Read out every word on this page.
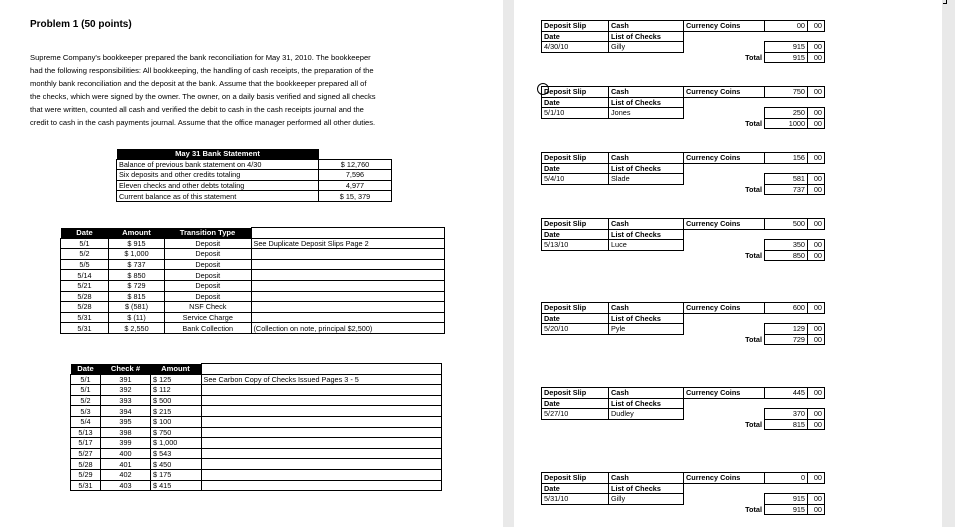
Problem 1 (50 points)

Supreme Company's bookkeeper prepared the bank reconciliation for May 31, 2010. The bookkeeper

had the following responsibilities: All bookkeeping, the handling of cash receipts, the preparation of the

monthly bank reconciliation and the deposit at the bank. Assume that the bookkeeper prepared all of

the checks, which were signed by the owner. The owner, on a daily basis verified and signed all checks

that were written, counted all cash and verified the debit to cash in the cash receipts journal and the

credit to cash in the cash payments journal. Assume that the office manager performed all other duties.

May 31 Bank Statement	
Balance of previous bank statement on 4/30	$ 12,760
Six deposits and other credits totaling	7,596
Eleven checks and other debts totaling	4,977
Current balance as of this statement	$ 15, 379
Date	Amount	Transition Type	
5/1	$ 915	Deposit	See Duplicate Deposit Slips Page 2
5/2	$ 1,000	Deposit	
5/5	$ 737	Deposit	
5/14	$ 850	Deposit	
5/21	$ 729	Deposit	
5/28	$ 815	Deposit	
5/28	$ (581)	NSF Check	
5/31	$ (11)	Service Charge	
5/31	$ 2,550	Bank Collection	(Collection on note, principal $2,500)
Date	Check #	Amount	
5/1	391	$ 125	See Carbon Copy of Checks Issued Pages 3 - 5
5/1	392	$ 112	
5/2	393	$ 500	
5/3	394	$ 215	
5/4	395	$ 100	
5/13	398	$ 750	
5/17	399	$ 1,000	
5/27	400	$ 543	
5/28	401	$ 450	
5/29	402	$ 175	
5/31	403	$ 415	
Deposit Slip	Cash	Currency Coins	00	00
Date	List of Checks			
4/30/10	Gilly		915	00
		Total	915	00
Deposit Slip	Cash	Currency Coins	750	00
Date	List of Checks			
5/1/10	Jones		250	00
		Total	1000	00
Deposit Slip	Cash	Currency Coins	156	00
Date	List of Checks			
5/4/10	Slade		581	00
		Total	737	00
Deposit Slip	Cash	Currency Coins	500	00
Date	List of Checks			
5/13/10	Luce		350	00
		Total	850	00
Deposit Slip	Cash	Currency Coins	600	00
Date	List of Checks			
5/20/10	Pyle		129	00
		Total	729	00
Deposit Slip	Cash	Currency Coins	445	00
Date	List of Checks			
5/27/10	Dudley		370	00
		Total	815	00
Deposit Slip	Cash	Currency Coins	0	00
Date	List of Checks			
5/31/10	Gilly		915	00
		Total	915	00
